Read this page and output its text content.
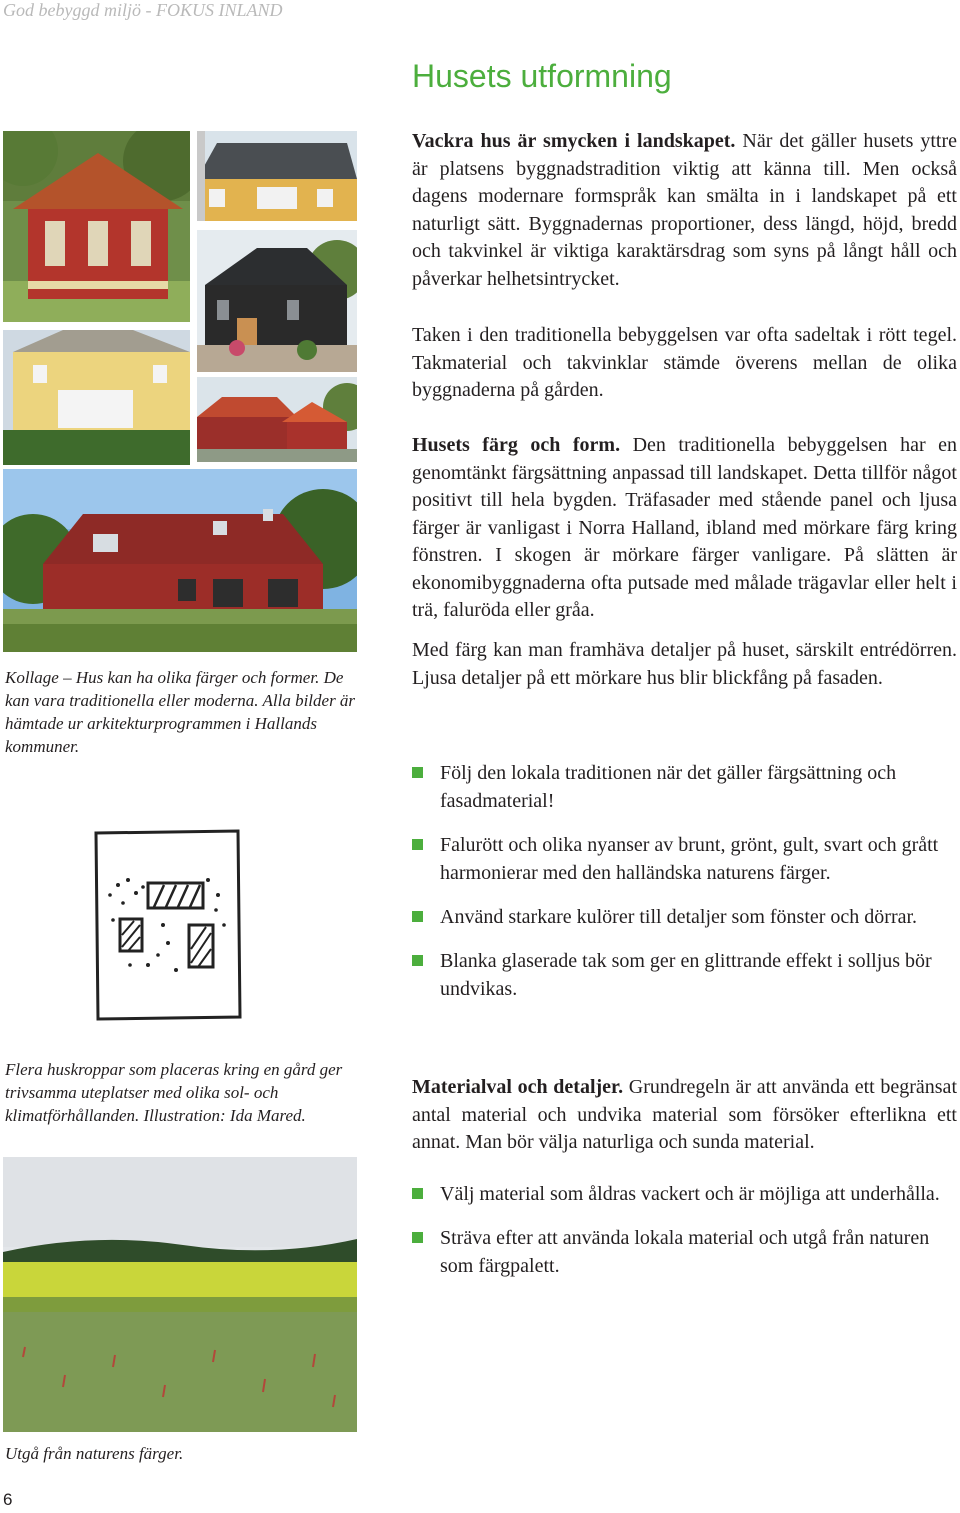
God bebyggd miljö - FOKUS INLAND
Husets utformning
Kollage – Hus kan ha olika färger och former. De kan vara traditionella eller moderna. Alla bilder är hämtade ur arkitekturprogrammen i Hallands kommuner.
Flera huskroppar som placeras kring en gård ger trivsamma uteplatser med olika sol- och klimatförhållanden. Illustration: Ida Mared.
Utgå från naturens färger.
6

Vackra hus är smycken i landskapet. När det gäller husets yttre är platsens byggnadstradition viktig att känna till. Men också dagens modernare formspråk kan smälta in i landskapet på ett naturligt sätt. Byggnadernas proportioner, dess längd, höjd, bredd och takvinkel är viktiga karaktärsdrag som syns på långt håll och påverkar helhetsintrycket.

Taken i den traditionella bebyggelsen var ofta sadeltak i rött tegel. Takmaterial och takvinklar stämde överens mellan de olika byggnaderna på gården.

Husets färg och form. Den traditionella bebyggelsen har en genomtänkt färgsättning anpassad till landskapet. Detta tillför något positivt till hela bygden. Träfasader med stående panel och ljusa färger är vanligast i Norra Halland, ibland med mörkare färg kring fönstren. I skogen är mörkare färger vanligare. På slätten är ekonomibyggnaderna ofta putsade med målade trägavlar eller helt i trä, faluröda eller gråa.

Med färg kan man framhäva detaljer på huset, särskilt entrédörren. Ljusa detaljer på ett mörkare hus blir blickfång på fasaden.

Följ den lokala traditionen när det gäller färgsättning och fasadmaterial!
Falurött och olika nyanser av brunt, grönt, gult, svart och grått harmonierar med den halländska naturens färger.
Använd starkare kulörer till detaljer som fönster och dörrar.
Blanka glaserade tak som ger en glittrande effekt i solljus bör undvikas.

Materialval och detaljer. Grundregeln är att använda ett begränsat antal material och undvika material som försöker efterlikna ett annat. Man bör välja naturliga och sunda material.

Välj material som åldras vackert och är möjliga att underhålla.
Sträva efter att använda lokala material och utgå från naturen som färgpalett.
